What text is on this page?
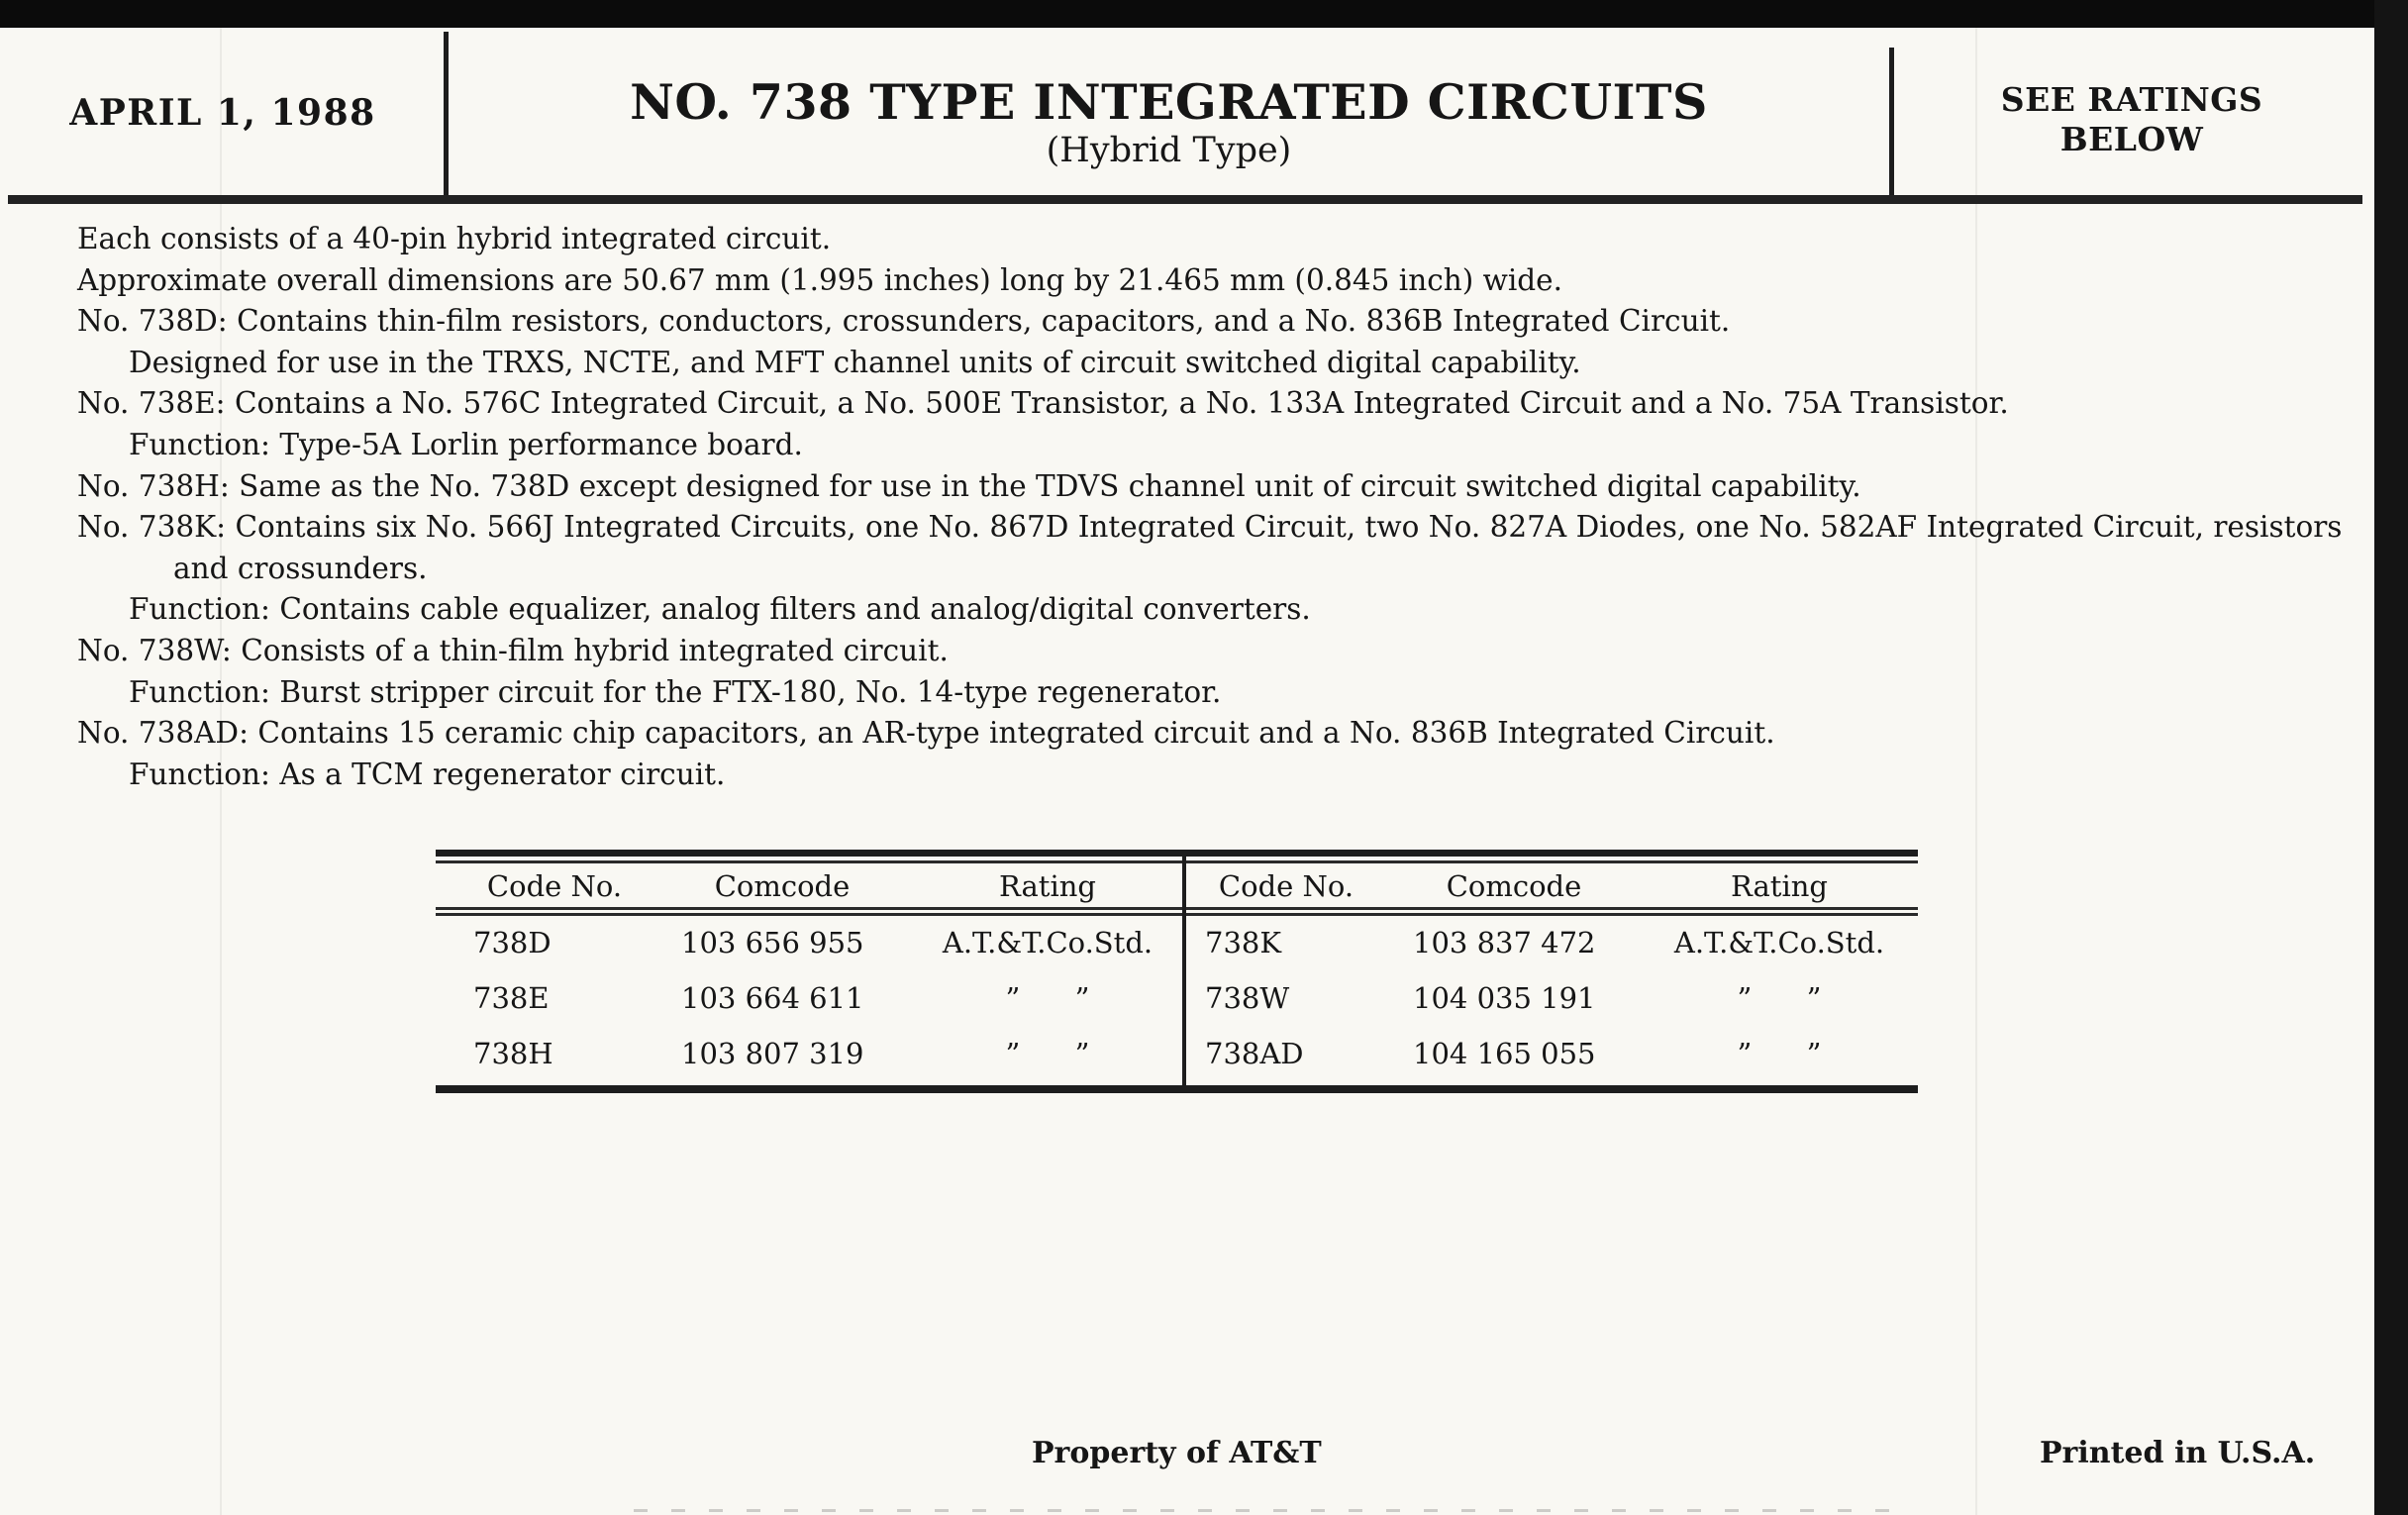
APRIL 1, 1988	NO. 738 TYPE INTEGRATED CIRCUITS
(Hybrid Type)
SEE RATINGS
BELOW
Each consists of a 40-pin hybrid integrated circuit.
Approximate overall dimensions are 50.67 mm (1.995 inches) long by 21.465 mm (0.845 inch) wide.
No. 738D: Contains thin-film resistors, conductors, crossunders, capacitors, and a No. 836B Integrated Circuit.
Designed for use in the TRXS, NCTE, and MFT channel units of circuit switched digital capability.
No. 738E: Contains a No. 576C Integrated Circuit, a No. 500E Transistor, a No. 133A Integrated Circuit and a No. 75A Transistor.
Function: Type-5A Lorlin performance board.
No. 738H: Same as the No. 738D except designed for use in the TDVS channel unit of circuit switched digital capability.
No. 738K: Contains six No. 566J Integrated Circuits, one No. 867D Integrated Circuit, two No. 827A Diodes, one No. 582AF Integrated Circuit, resistors
and crossunders.
Function: Contains cable equalizer, analog filters and analog/digital converters.
No. 738W: Consists of a thin-film hybrid integrated circuit.
Function: Burst stripper circuit for the FTX-180, No. 14-type regenerator.
No. 738AD: Contains 15 ceramic chip capacitors, an AR-type integrated circuit and a No. 836B Integrated Circuit.
Function: As a TCM regenerator circuit.
Code No.	Comcode	Rating
738D	103 656 955	A.T.&T.Co.Std.
738E	103 664 611	”      ”
738H	103 807 319	”      ”
Code No.	Comcode	Rating
738K	103 837 472	A.T.&T.Co.Std.
738W	104 035 191	”      ”
738AD	104 165 055	”      ”
Property of AT&T	Printed in U.S.A.
